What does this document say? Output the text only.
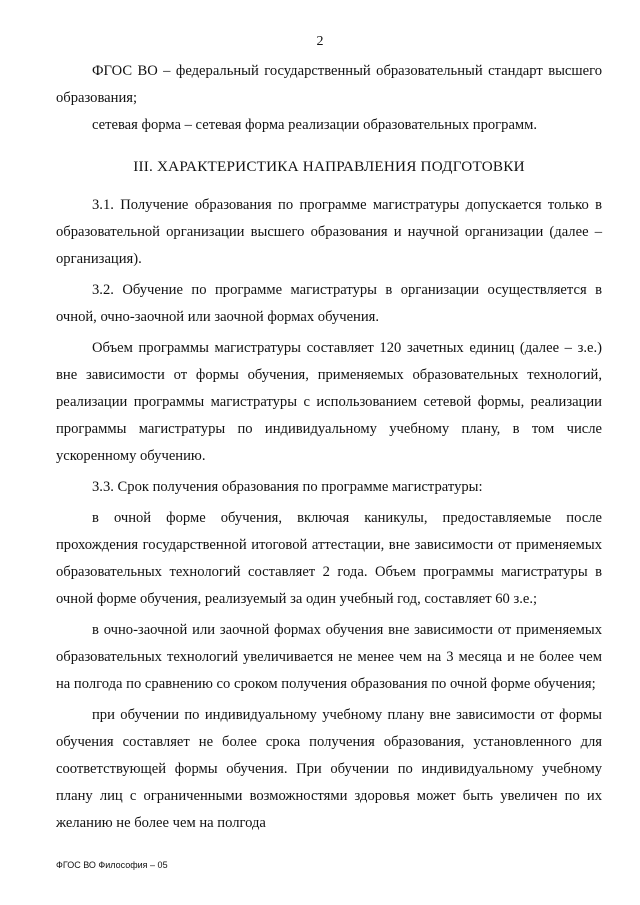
2

ФГОС ВО – федеральный государственный образовательный стандарт высшего образования;

сетевая форма – сетевая форма реализации образовательных программ.

III. ХАРАКТЕРИСТИКА НАПРАВЛЕНИЯ ПОДГОТОВКИ

3.1. Получение образования по программе магистратуры допускается только в образовательной организации высшего образования и научной организации (далее – организация).

3.2. Обучение по программе магистратуры в организации осуществляется в очной, очно-заочной или заочной формах обучения.

Объем программы магистратуры составляет 120 зачетных единиц (далее – з.е.) вне зависимости от формы обучения, применяемых образовательных технологий, реализации программы магистратуры с использованием сетевой формы, реализации программы магистратуры по индивидуальному учебному плану, в том числе ускоренному обучению.

3.3. Срок получения образования по программе магистратуры:

в очной форме обучения, включая каникулы, предоставляемые после прохождения государственной итоговой аттестации, вне зависимости от применяемых образовательных технологий составляет 2 года. Объем программы магистратуры в очной форме обучения, реализуемый за один учебный год, составляет 60 з.е.;

в очно-заочной или заочной формах обучения вне зависимости от применяемых образовательных технологий увеличивается не менее чем на 3 месяца и не более чем на полгода по сравнению со сроком получения образования по очной форме обучения;

при обучении по индивидуальному учебному плану вне зависимости от формы обучения составляет не более срока получения образования, установленного для соответствующей формы обучения. При обучении по индивидуальному учебному плану лиц с ограниченными возможностями здоровья может быть увеличен по их желанию не более чем на полгода

ФГОС ВО Философия – 05
